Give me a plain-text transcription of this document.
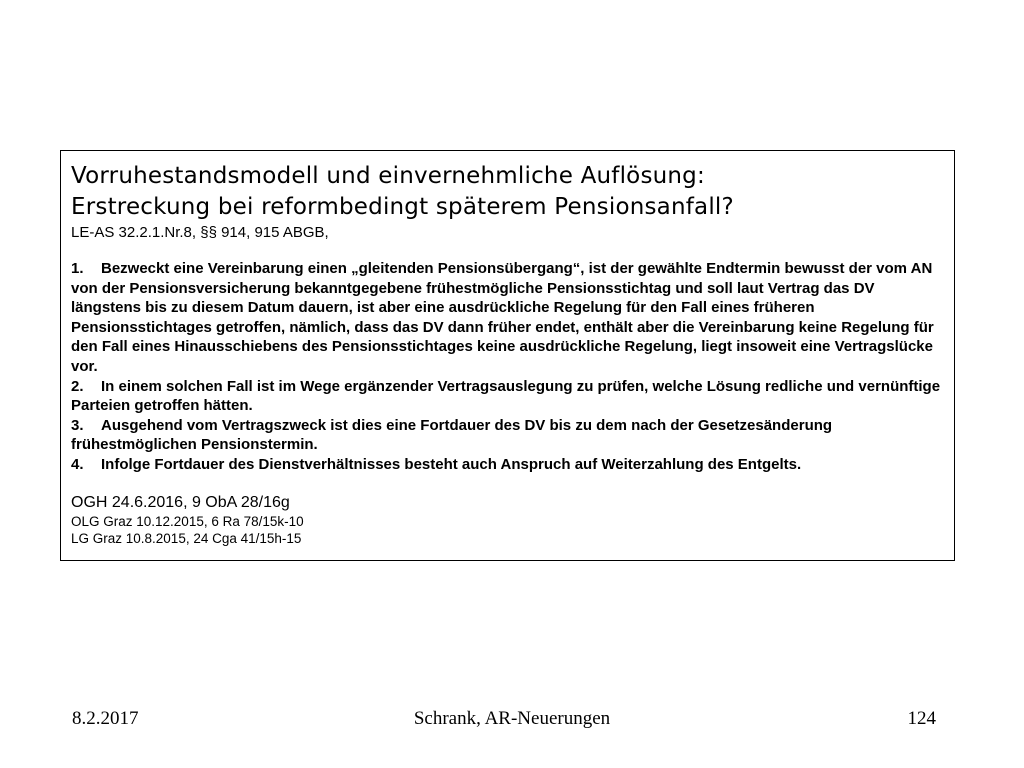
Vorruhestandsmodell und einvernehmliche Auflösung:
Erstreckung bei reformbedingt späterem Pensionsanfall?

LE-AS 32.2.1.Nr.8, §§ 914, 915 ABGB,

1. Bezweckt eine Vereinbarung einen „gleitenden Pensionsübergang“, ist der gewählte Endtermin bewusst der vom AN von der Pensionsversicherung bekanntgegebene frühestmögliche Pensionsstichtag und soll laut Vertrag das DV längstens bis zu diesem Datum dauern, ist aber eine ausdrückliche Regelung für den Fall eines früheren Pensionsstichtages getroffen, nämlich, dass das DV dann früher endet, enthält aber die Vereinbarung keine Regelung für den Fall eines Hinausschiebens des Pensionsstichtages keine ausdrückliche Regelung, liegt insoweit eine Vertragslücke vor.
2. In einem solchen Fall ist im Wege ergänzender Vertragsauslegung zu prüfen, welche Lösung redliche und vernünftige Parteien getroffen hätten.
3. Ausgehend vom Vertragszweck ist dies eine Fortdauer des DV bis zu dem nach der Gesetzesänderung frühestmöglichen Pensionstermin.
4. Infolge Fortdauer des Dienstverhältnisses besteht auch Anspruch auf Weiterzahlung des Entgelts.

OGH 24.6.2016, 9 ObA 28/16g

OLG Graz 10.12.2015, 6 Ra 78/15k-10

LG Graz 10.8.2015, 24 Cga 41/15h-15

Schrank, AR-Neuerungen
8.2.2017	124
